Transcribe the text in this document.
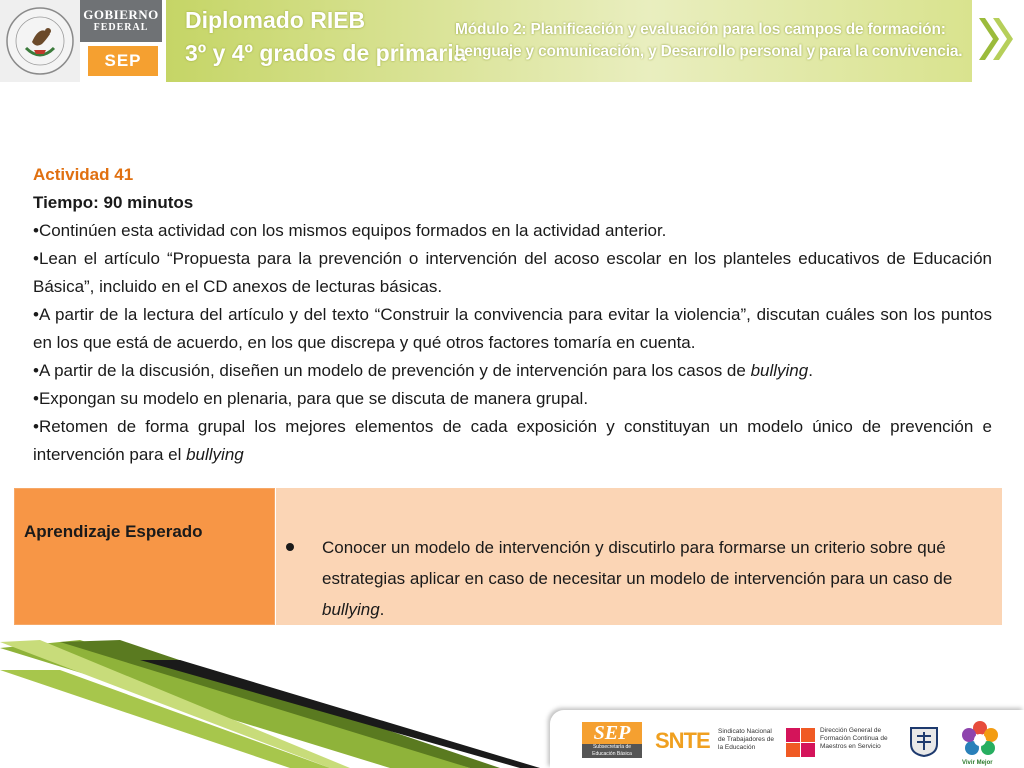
GOBIERNO
FEDERAL
SEP
Diplomado RIEB
3º y 4º grados de primaria
Módulo 2: Planificación y evaluación para los campos de formación:
Lenguaje y comunicación, y Desarrollo personal y para la convivencia.
Actividad 41
Tiempo: 90 minutos
•Continúen esta actividad con los mismos equipos formados en la actividad anterior.
•Lean el artículo “Propuesta para la prevención o intervención del acoso escolar en los planteles educativos de Educación Básica”, incluido en el CD anexos de lecturas básicas.
•A partir de la lectura del artículo y del texto “Construir la convivencia para evitar la violencia”, discutan cuáles son los puntos en los que está de acuerdo, en los que discrepa y qué otros factores tomaría en cuenta.
•A partir de la discusión, diseñen un modelo de prevención y de intervención para los casos de bullying.
•Expongan su modelo en plenaria, para que se discuta de manera grupal.
•Retomen de forma grupal los mejores elementos de cada exposición y constituyan un modelo único de prevención e intervención para el bullying
Aprendizaje Esperado
Conocer un modelo de intervención y discutirlo para formarse un criterio sobre qué estrategias aplicar en caso de necesitar un modelo de intervención para un caso de bullying.
SEP
Subsecretaría de Educación Básica
SNTE Sindicato Nacional de Trabajadores de la Educación
Dirección General de Formación Continua de Maestros en Servicio
Vivir Mejor
